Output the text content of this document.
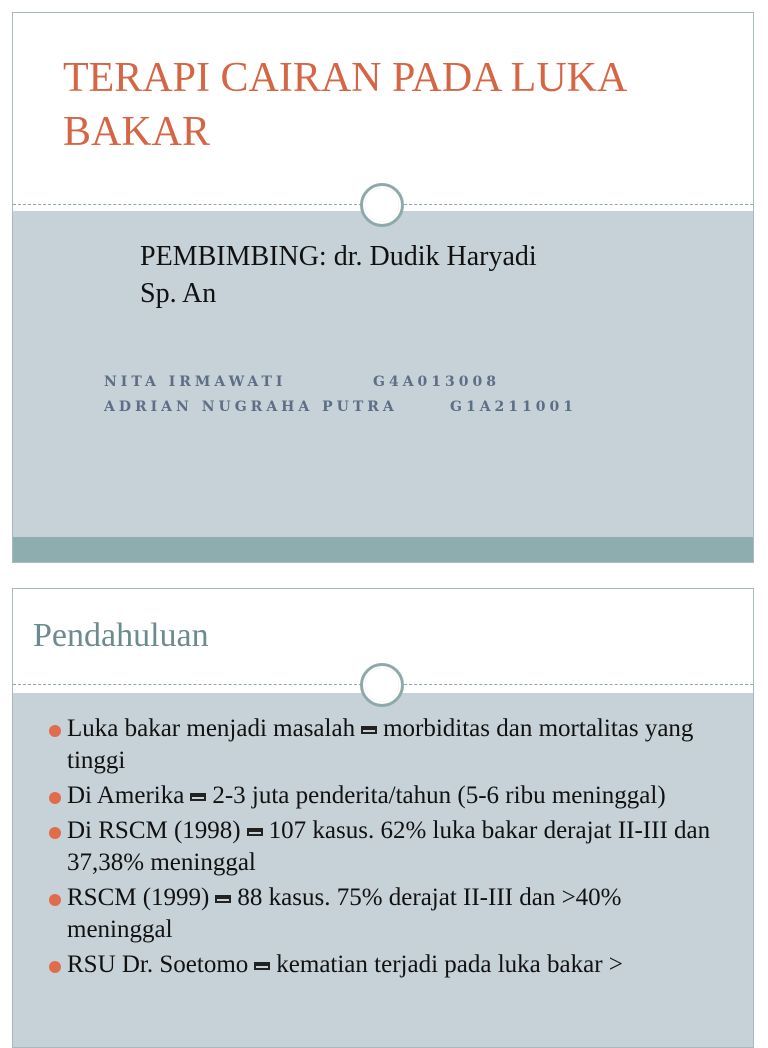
TERAPI CAIRAN PADA LUKA
BAKAR
PEMBIMBING: dr. Dudik Haryadi
Sp. An
NITA IRMAWATI	G4A013008
ADRIAN NUGRAHA PUTRA	G1A211001
Pendahuluan
Luka bakar menjadi masalah morbiditas dan mortalitas yang tinggi
Di Amerika 2-3 juta penderita/tahun (5-6 ribu meninggal)
Di RSCM (1998) 107 kasus. 62% luka bakar derajat II-III dan 37,38% meninggal
RSCM (1999) 88 kasus. 75% derajat II-III dan >40% meninggal
RSU Dr. Soetomo kematian terjadi pada luka bakar >
